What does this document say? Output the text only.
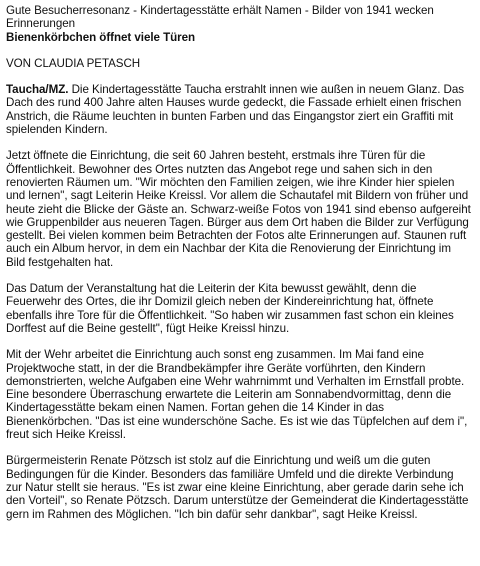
Gute Besucherresonanz - Kindertagesstätte erhält Namen - Bilder von 1941 wecken Erinnerungen

Bienenkörbchen öffnet viele Türen

VON CLAUDIA PETASCH

Taucha/MZ. Die Kindertagesstätte Taucha erstrahlt innen wie außen in neuem Glanz. Das Dach des rund 400 Jahre alten Hauses wurde gedeckt, die Fassade erhielt einen frischen Anstrich, die Räume leuchten in bunten Farben und das Eingangstor ziert ein Graffiti mit spielenden Kindern.

Jetzt öffnete die Einrichtung, die seit 60 Jahren besteht, erstmals ihre Türen für die Öffentlichkeit. Bewohner des Ortes nutzten das Angebot rege und sahen sich in den renovierten Räumen um. "Wir möchten den Familien zeigen, wie ihre Kinder hier spielen und lernen", sagt Leiterin Heike Kreissl. Vor allem die Schautafel mit Bildern von früher und heute zieht die Blicke der Gäste an. Schwarz-weiße Fotos von 1941 sind ebenso aufgereiht wie Gruppenbilder aus neueren Tagen. Bürger aus dem Ort haben die Bilder zur Verfügung gestellt. Bei vielen kommen beim Betrachten der Fotos alte Erinnerungen auf. Staunen ruft auch ein Album hervor, in dem ein Nachbar der Kita die Renovierung der Einrichtung im Bild festgehalten hat.

Das Datum der Veranstaltung hat die Leiterin der Kita bewusst gewählt, denn die Feuerwehr des Ortes, die ihr Domizil gleich neben der Kindereinrichtung hat, öffnete ebenfalls ihre Tore für die Öffentlichkeit. "So haben wir zusammen fast schon ein kleines Dorffest auf die Beine gestellt", fügt Heike Kreissl hinzu.

Mit der Wehr arbeitet die Einrichtung auch sonst eng zusammen. Im Mai fand eine Projektwoche statt, in der die Brandbekämpfer ihre Geräte vorführten, den Kindern demonstrierten, welche Aufgaben eine Wehr wahrnimmt und Verhalten im Ernstfall probte. Eine besondere Überraschung erwartete die Leiterin am Sonnabendvormittag, denn die Kindertagesstätte bekam einen Namen. Fortan gehen die 14 Kinder in das Bienenkörbchen. "Das ist eine wunderschöne Sache. Es ist wie das Tüpfelchen auf dem i", freut sich Heike Kreissl.

Bürgermeisterin Renate Pötzsch ist stolz auf die Einrichtung und weiß um die guten Bedingungen für die Kinder. Besonders das familiäre Umfeld und die direkte Verbindung zur Natur stellt sie heraus. "Es ist zwar eine kleine Einrichtung, aber gerade darin sehe ich den Vorteil", so Renate Pötzsch. Darum unterstütze der Gemeinderat die Kindertagesstätte gern im Rahmen des Möglichen. "Ich bin dafür sehr dankbar", sagt Heike Kreissl.
